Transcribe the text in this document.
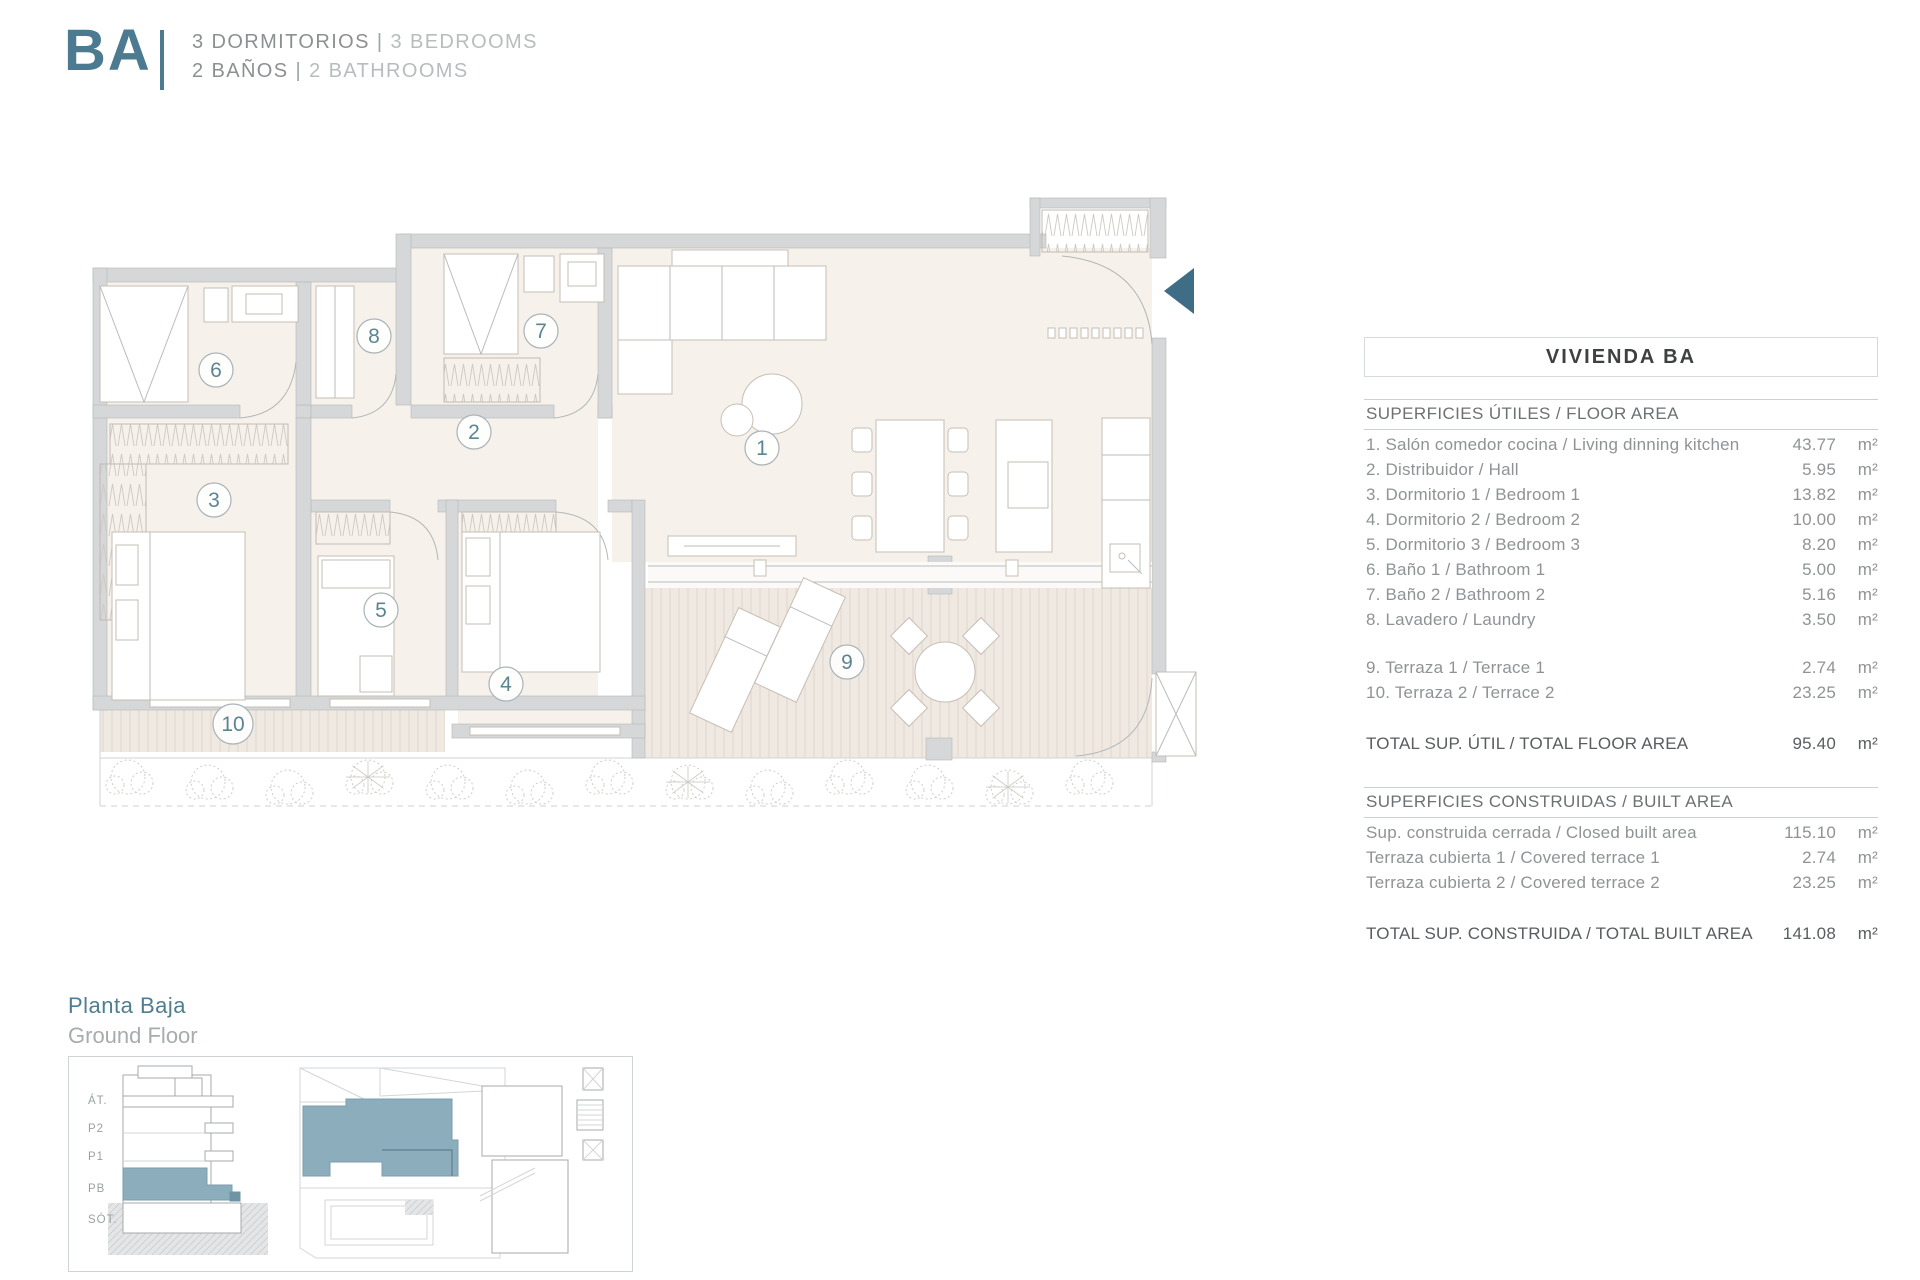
1
2
3
4
5
6
7
8
9
10
ÁT.
P2
P1
PB
SÓT.
BA 3 DORMITORIOS | 3 BEDROOMS
2 BAÑOS | 2 BATHROOMS
VIVIENDA BA
SUPERFICIES ÚTILES / FLOOR AREA
1. Salón comedor cocina / Living dinning kitchen	43.77	m²
2. Distribuidor / Hall	5.95	m²
3. Dormitorio 1 / Bedroom 1	13.82	m²
4. Dormitorio 2 / Bedroom 2	10.00	m²
5. Dormitorio 3 / Bedroom 3	8.20	m²
6. Baño 1 / Bathroom 1	5.00	m²
7. Baño 2 / Bathroom 2	5.16	m²
8. Lavadero / Laundry	3.50	m²
9. Terraza 1 / Terrace 1	2.74	m²
10. Terraza 2 / Terrace 2	23.25	m²
TOTAL SUP. ÚTIL / TOTAL FLOOR AREA	95.40	m²
SUPERFICIES CONSTRUIDAS / BUILT AREA
Sup. construida cerrada / Closed built area	115.10	m²
Terraza cubierta 1 / Covered terrace 1	2.74	m²
Terraza cubierta 2 / Covered terrace 2	23.25	m²
TOTAL SUP. CONSTRUIDA / TOTAL BUILT AREA	141.08	m²
Planta Baja
Ground Floor
